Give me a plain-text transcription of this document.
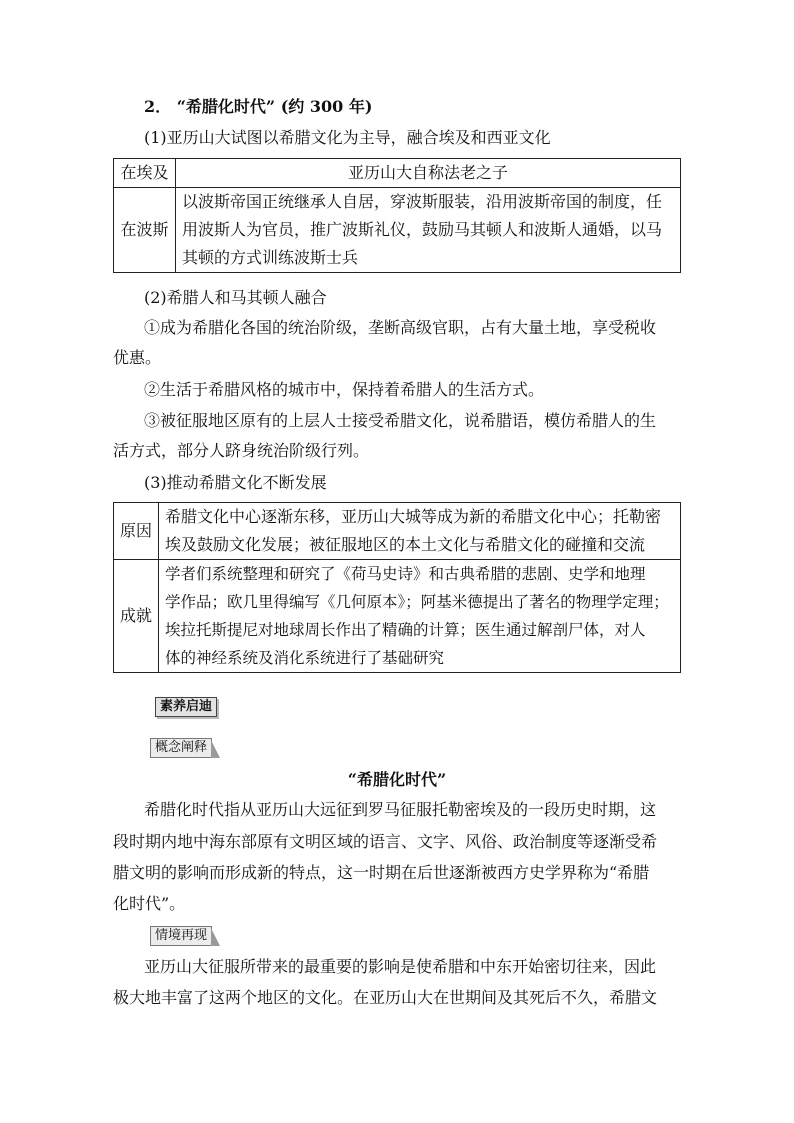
2． “希腊化时代” (约 300 年)
(1)亚历山大试图以希腊文化为主导，融合埃及和西亚文化
在埃及	亚历山大自称法老之子
在波斯	以波斯帝国正统继承人自居，穿波斯服装，沿用波斯帝国的制度，任
用波斯人为官员，推广波斯礼仪，鼓励马其顿人和波斯人通婚，以马
其顿的方式训练波斯士兵
(2)希腊人和马其顿人融合
①成为希腊化各国的统治阶级，垄断高级官职，占有大量土地，享受税收
优惠。
②生活于希腊风格的城市中，保持着希腊人的生活方式。
③被征服地区原有的上层人士接受希腊文化，说希腊语，模仿希腊人的生
活方式，部分人跻身统治阶级行列。
(3)推动希腊文化不断发展
原因	希腊文化中心逐渐东移，亚历山大城等成为新的希腊文化中心；托勒密
埃及鼓励文化发展；被征服地区的本土文化与希腊文化的碰撞和交流

成就	学者们系统整理和研究了《荷马史诗》和古典希腊的悲剧、史学和地理
学作品；欧几里得编写《几何原本》；阿基米德提出了著名的物理学定理；
埃拉托斯提尼对地球周长作出了精确的计算；医生通过解剖尸体，对人
体的神经系统及消化系统进行了基础研究
素养启迪
概念阐释
“希腊化时代”
希腊化时代指从亚历山大远征到罗马征服托勒密埃及的一段历史时期，这
段时期内地中海东部原有文明区域的语言、文字、风俗、政治制度等逐渐受希
腊文明的影响而形成新的特点，这一时期在后世逐渐被西方史学界称为“希腊
化时代”。
情境再现
亚历山大征服所带来的最重要的影响是使希腊和中东开始密切往来，因此
极大地丰富了这两个地区的文化。在亚历山大在世期间及其死后不久，希腊文
